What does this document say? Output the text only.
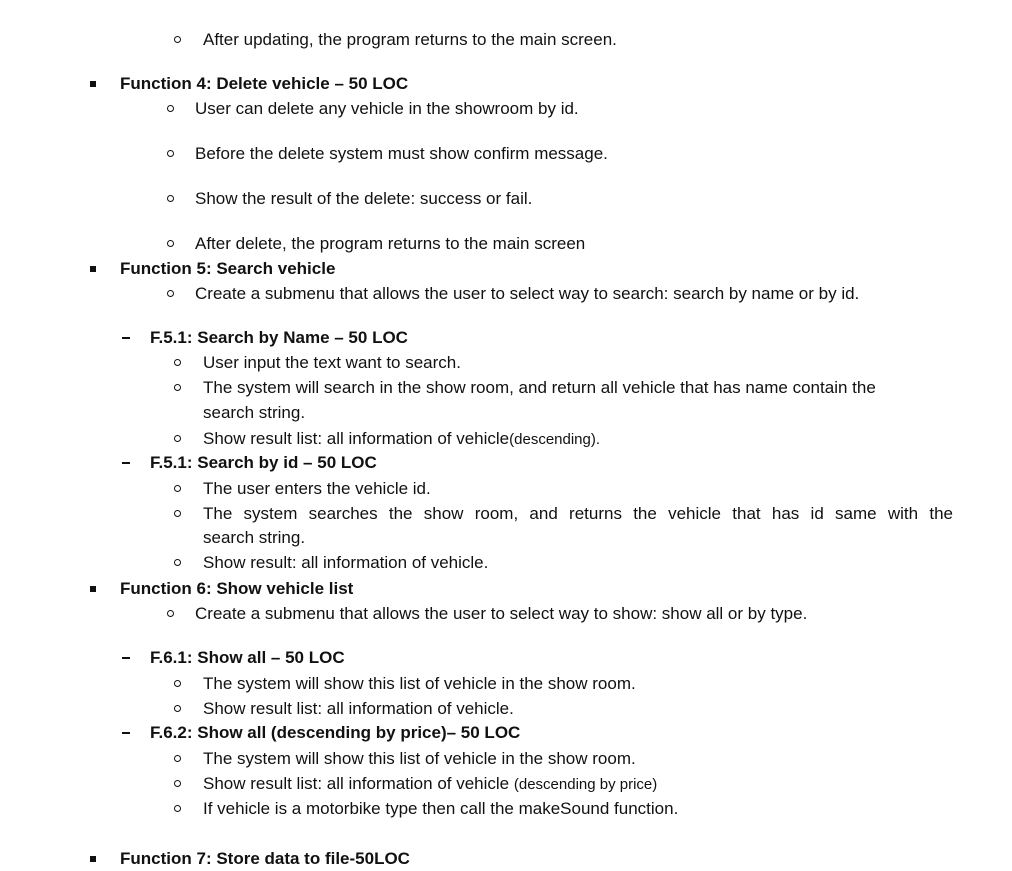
After updating, the program returns to the main screen.
Function 4: Delete vehicle – 50 LOC
User can delete any vehicle in the showroom by id.
Before the delete system must show confirm message.
Show the result of the delete: success or fail.
After delete, the program returns to the main screen
Function 5: Search vehicle
Create a submenu that allows the user to select way to search: search by name or by id.
F.5.1: Search by Name – 50 LOC
User input the text want to search.
The system will search in the show room, and return all vehicle that has name contain the
search string.
Show result list: all information of vehicle(descending).
F.5.1: Search by id – 50 LOC
The user enters the vehicle id.
The system searches the show room, and returns the vehicle that has id same with the
search string.
Show result: all information of vehicle.
Function 6: Show vehicle list
Create a submenu that allows the user to select way to show: show all or by type.
F.6.1: Show all – 50 LOC
The system will show this list of vehicle in the show room.
Show result list: all information of vehicle.
F.6.2: Show all (descending by price)– 50 LOC
The system will show this list of vehicle in the show room.
Show result list: all information of vehicle (descending by price)
If vehicle is a motorbike type then call the makeSound function.
Function 7: Store data to file-50LOC
